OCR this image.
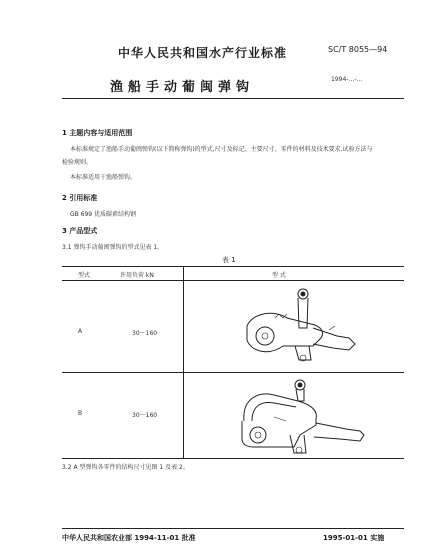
中华人民共和国水产行业标准	SC/T 8055—94
渔船手动葡闽弹钩
1994-…-…
1 主题内容与适用范围
本标准规定了渔船手动葡闽弹钩(以下简称弹钩)的型式,尺寸及标记、主要尺寸、零件的材料及技术要求,试验方法与
检验规则。
本标准适用于渔船弹钩。
2 引用标准
GB 699 优质碳素结构钢
3 产品型式
3.1 弹钩手动葡闽弹钩的型式见表 1。
表 1
型式	许用负荷 kN	型 式
A	30～160
B	30～160
3.2 A 型弹钩各零件的结构尺寸见图 1 及表 2。
中华人民共和国农业部 1994-11-01 批准	1995-01-01 实施
